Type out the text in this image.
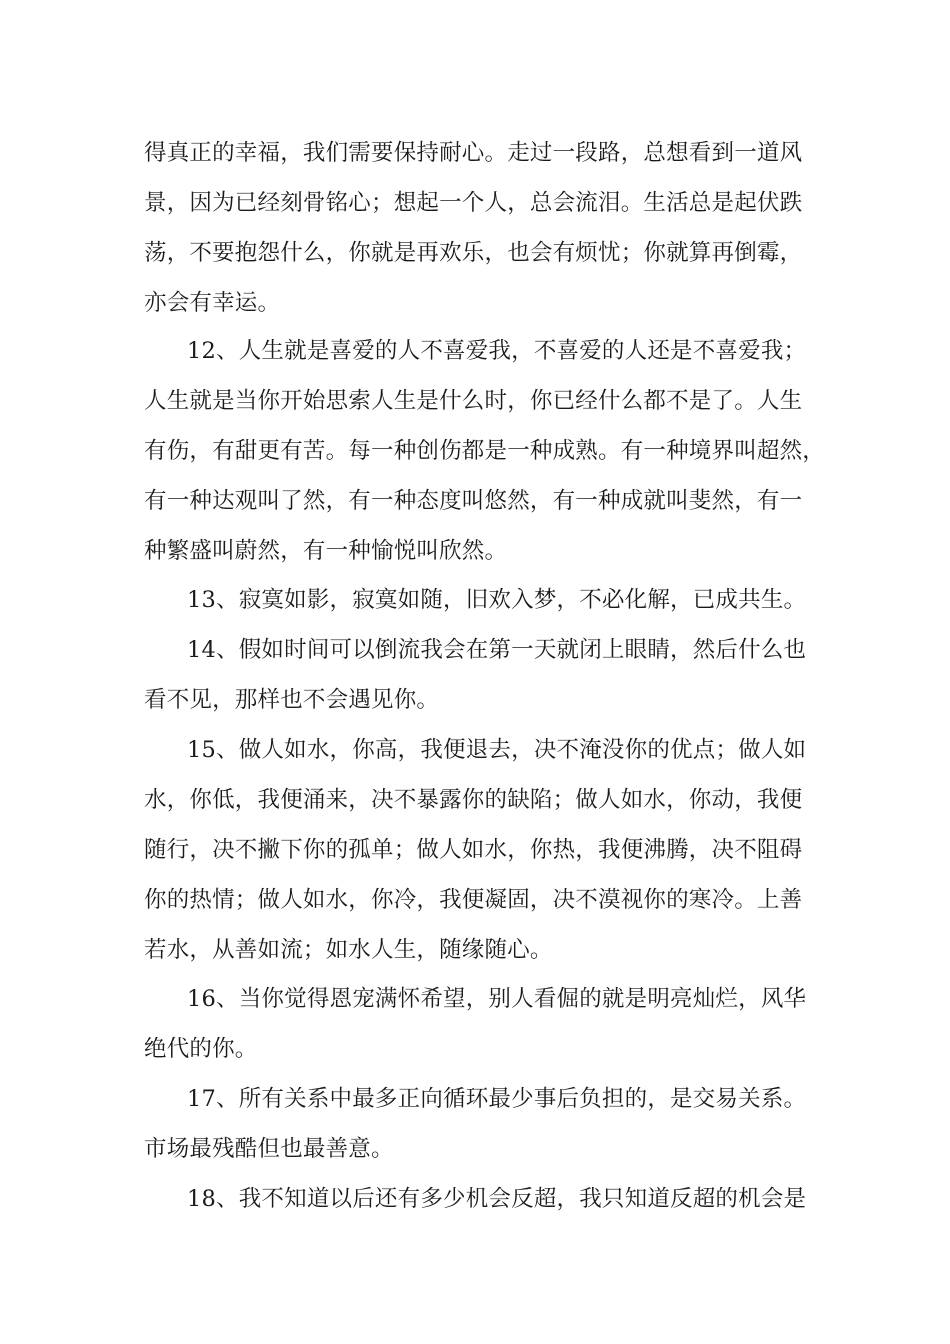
得真正的幸福，我们需要保持耐心。走过一段路，总想看到一道风
景，因为已经刻骨铭心；想起一个人，总会流泪。生活总是起伏跌
荡，不要抱怨什么，你就是再欢乐，也会有烦忧；你就算再倒霉，
亦会有幸运。
12、人生就是喜爱的人不喜爱我，不喜爱的人还是不喜爱我；
人生就是当你开始思索人生是什么时，你已经什么都不是了。人生
有伤，有甜更有苦。每一种创伤都是一种成熟。有一种境界叫超然，
有一种达观叫了然，有一种态度叫悠然，有一种成就叫斐然，有一
种繁盛叫蔚然，有一种愉悦叫欣然。
13、寂寞如影，寂寞如随，旧欢入梦，不必化解，已成共生。
14、假如时间可以倒流我会在第一天就闭上眼睛，然后什么也
看不见，那样也不会遇见你。
15、做人如水，你高，我便退去，决不淹没你的优点；做人如
水，你低，我便涌来，决不暴露你的缺陷；做人如水，你动，我便
随行，决不撇下你的孤单；做人如水，你热，我便沸腾，决不阻碍
你的热情；做人如水，你冷，我便凝固，决不漠视你的寒冷。上善
若水，从善如流；如水人生，随缘随心。
16、当你觉得恩宠满怀希望，别人看倔的就是明亮灿烂，风华
绝代的你。
17、所有关系中最多正向循环最少事后负担的，是交易关系。
市场最残酷但也最善意。
18、我不知道以后还有多少机会反超，我只知道反超的机会是
